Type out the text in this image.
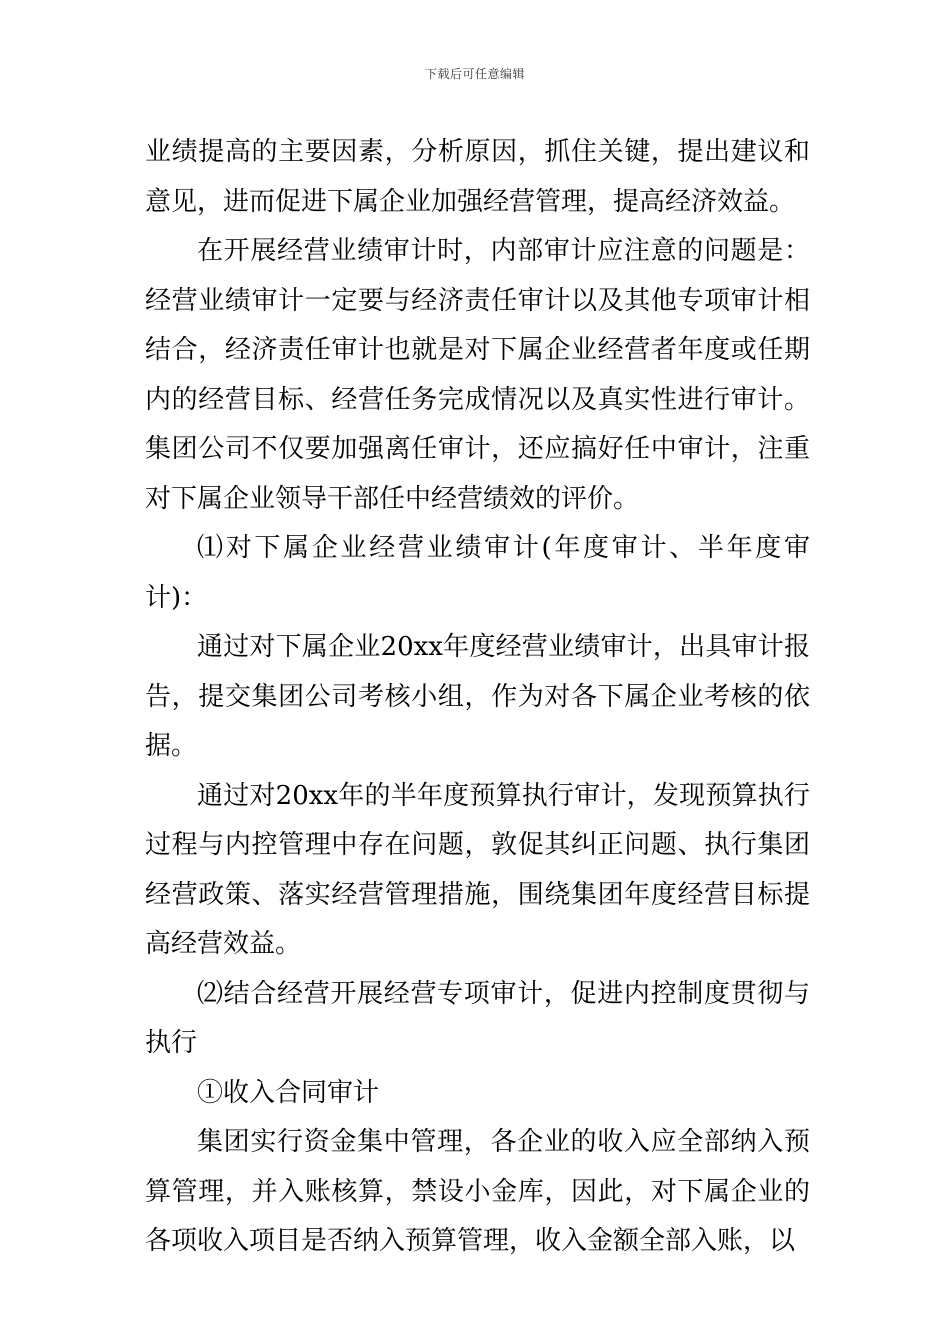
下载后可任意编辑

业绩提高的主要因素，分析原因，抓住关键，提出建议和意见，进而促进下属企业加强经营管理，提高经济效益。

在开展经营业绩审计时，内部审计应注意的问题是：经营业绩审计一定要与经济责任审计以及其他专项审计相结合，经济责任审计也就是对下属企业经营者年度或任期内的经营目标、经营任务完成情况以及真实性进行审计。集团公司不仅要加强离任审计，还应搞好任中审计，注重对下属企业领导干部任中经营绩效的评价。

⑴对下属企业经营业绩审计(年度审计、半年度审计)：

通过对下属企业20xx年度经营业绩审计，出具审计报告，提交集团公司考核小组，作为对各下属企业考核的依据。

通过对20xx年的半年度预算执行审计，发现预算执行过程与内控管理中存在问题，敦促其纠正问题、执行集团经营政策、落实经营管理措施，围绕集团年度经营目标提高经营效益。

⑵结合经营开展经营专项审计，促进内控制度贯彻与执行

①收入合同审计

集团实行资金集中管理，各企业的收入应全部纳入预算管理，并入账核算，禁设小金库，因此，对下属企业的各项收入项目是否纳入预算管理，收入金额全部入账，以
